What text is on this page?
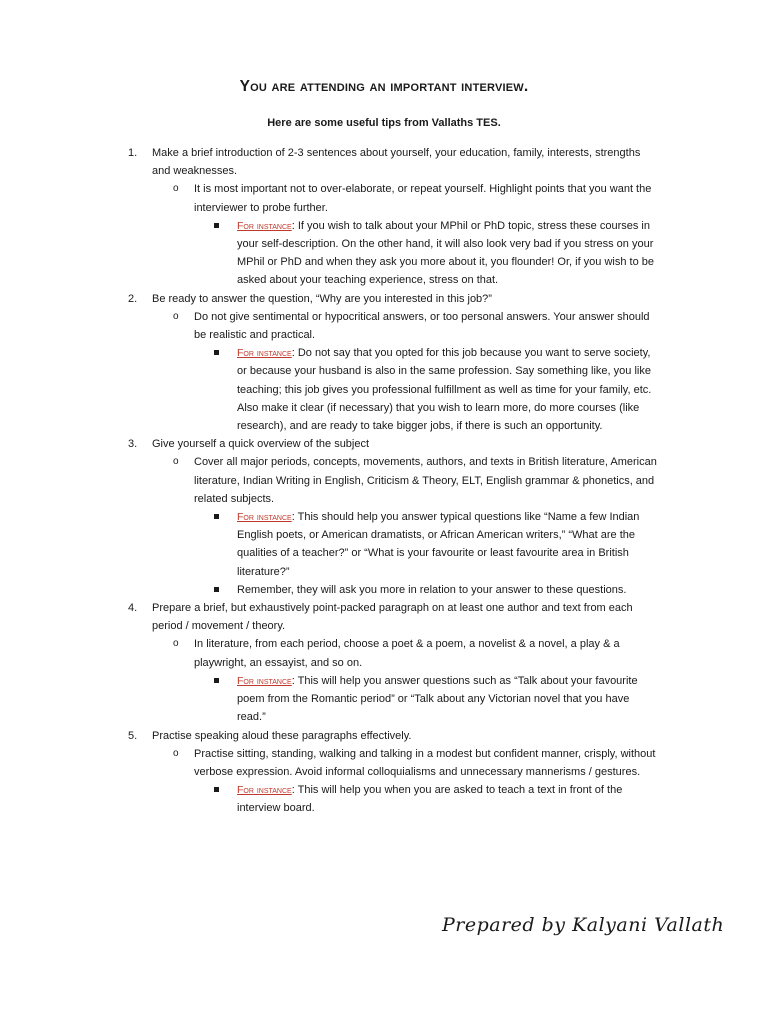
You are attending an important interview.
Here are some useful tips from Vallaths TES.
1. Make a brief introduction of 2-3 sentences about yourself, your education, family, interests, strengths and weaknesses.
o It is most important not to over-elaborate, or repeat yourself. Highlight points that you want the interviewer to probe further.
For instance: If you wish to talk about your MPhil or PhD topic, stress these courses in your self-description. On the other hand, it will also look very bad if you stress on your MPhil or PhD and when they ask you more about it, you flounder! Or, if you wish to be asked about your teaching experience, stress on that.
2. Be ready to answer the question, “Why are you interested in this job?”
o Do not give sentimental or hypocritical answers, or too personal answers. Your answer should be realistic and practical.
For instance: Do not say that you opted for this job because you want to serve society, or because your husband is also in the same profession. Say something like, you like teaching; this job gives you professional fulfillment as well as time for your family, etc. Also make it clear (if necessary) that you wish to learn more, do more courses (like research), and are ready to take bigger jobs, if there is such an opportunity.
3. Give yourself a quick overview of the subject
o Cover all major periods, concepts, movements, authors, and texts in British literature, American literature, Indian Writing in English, Criticism & Theory, ELT, English grammar & phonetics, and related subjects.
For instance: This should help you answer typical questions like “Name a few Indian English poets, or American dramatists, or African American writers,” “What are the qualities of a teacher?” or “What is your favourite or least favourite area in British literature?”
Remember, they will ask you more in relation to your answer to these questions.
4. Prepare a brief, but exhaustively point-packed paragraph on at least one author and text from each period / movement / theory.
o In literature, from each period, choose a poet & a poem, a novelist & a novel, a play & a playwright, an essayist, and so on.
For instance: This will help you answer questions such as “Talk about your favourite poem from the Romantic period” or “Talk about any Victorian novel that you have read.”
5. Practise speaking aloud these paragraphs effectively.
o Practise sitting, standing, walking and talking in a modest but confident manner, crisply, without verbose expression. Avoid informal colloquialisms and unnecessary mannerisms / gestures.
For instance: This will help you when you are asked to teach a text in front of the interview board.
Prepared by Kalyani Vallath
